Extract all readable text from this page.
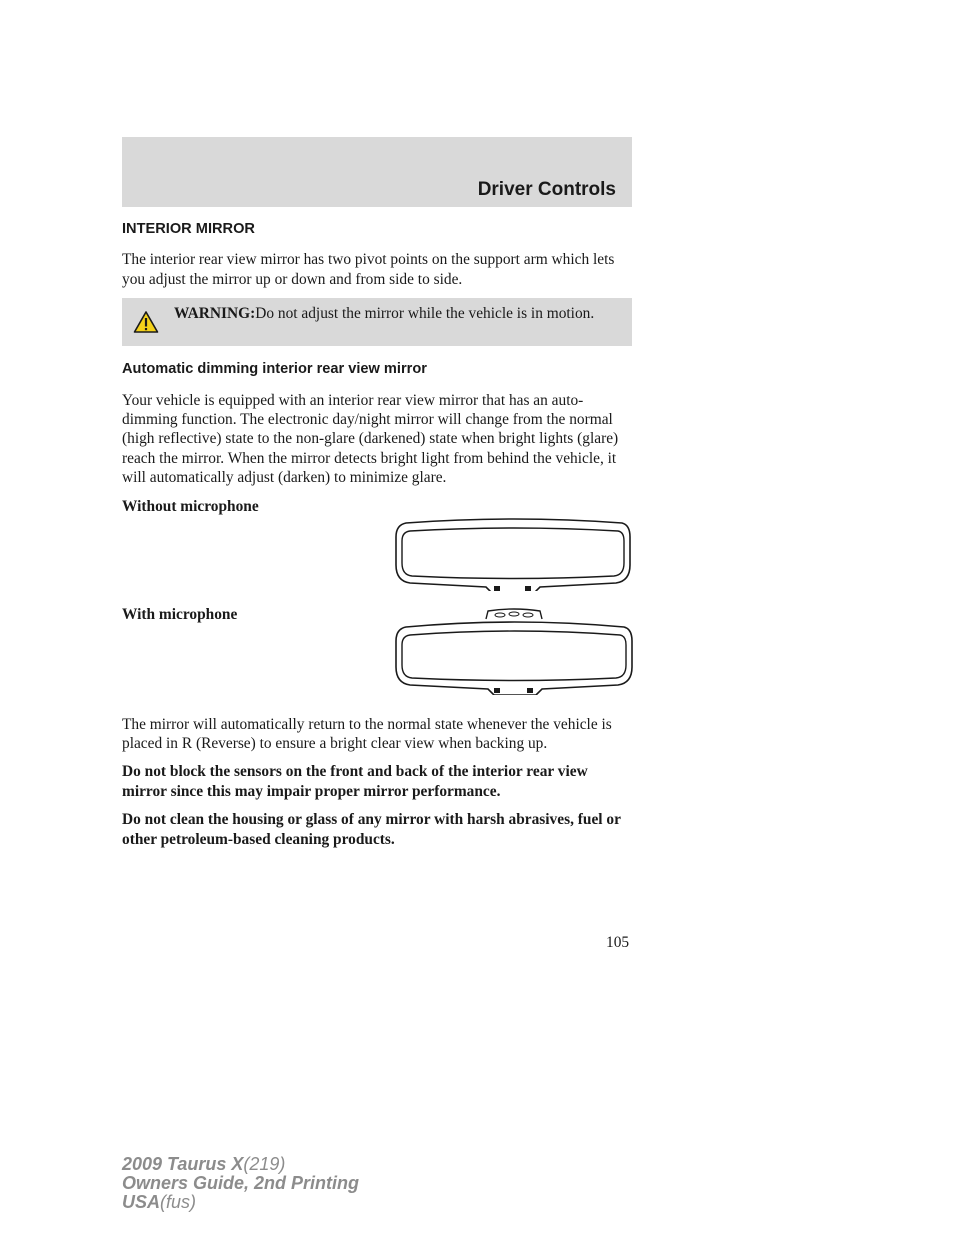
Driver Controls
INTERIOR MIRROR

The interior rear view mirror has two pivot points on the support arm which lets you adjust the mirror up or down and from side to side.

WARNING:Do not adjust the mirror while the vehicle is in motion.
Automatic dimming interior rear view mirror

Your vehicle is equipped with an interior rear view mirror that has an auto-dimming function. The electronic day/night mirror will change from the normal (high reflective) state to the non-glare (darkened) state when bright lights (glare) reach the mirror. When the mirror detects bright light from behind the vehicle, it will automatically adjust (darken) to minimize glare.

Without microphone
With microphone

The mirror will automatically return to the normal state whenever the vehicle is placed in R (Reverse) to ensure a bright clear view when backing up.

Do not block the sensors on the front and back of the interior rear view mirror since this may impair proper mirror performance.

Do not clean the housing or glass of any mirror with harsh abrasives, fuel or other petroleum-based cleaning products.

105
2009 Taurus X(219)
Owners Guide, 2nd Printing
USA(fus)
